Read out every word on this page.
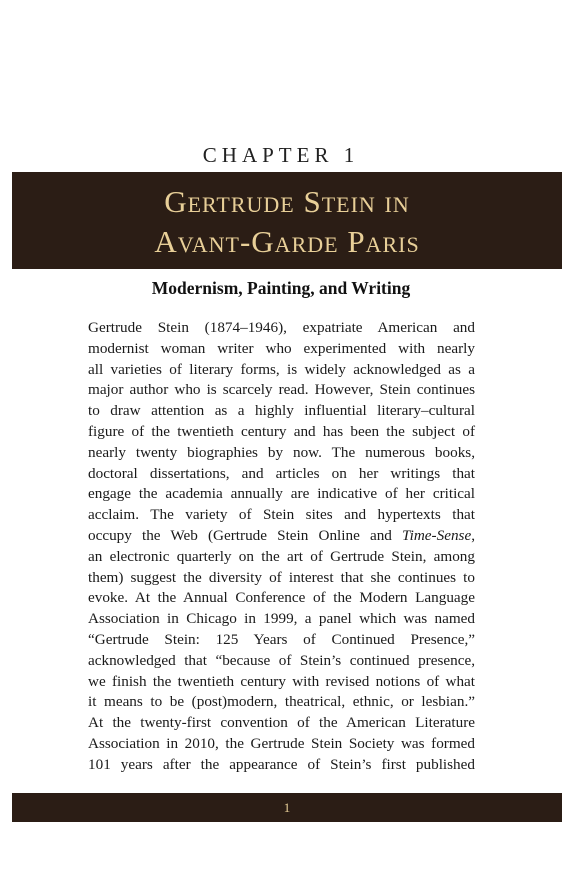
CHAPTER 1
Gertrude Stein in
Avant-Garde Paris
Modernism, Painting, and Writing
Gertrude Stein (1874–1946), expatriate American and
modernist woman writer who experimented with nearly
all varieties of literary forms, is widely acknowledged as a
major author who is scarcely read. However, Stein continues
to draw attention as a highly influential literary–cultural
figure of the twentieth century and has been the subject of
nearly twenty biographies by now. The numerous books,
doctoral dissertations, and articles on her writings that
engage the academia annually are indicative of her critical
acclaim. The variety of Stein sites and hypertexts that
occupy the Web (Gertrude Stein Online and Time-Sense,
an electronic quarterly on the art of Gertrude Stein, among
them) suggest the diversity of interest that she continues to
evoke. At the Annual Conference of the Modern Language
Association in Chicago in 1999, a panel which was named
“Gertrude Stein: 125 Years of Continued Presence,”
acknowledged that “because of Stein’s continued presence,
we finish the twentieth century with revised notions of what
it means to be (post)modern, theatrical, ethnic, or lesbian.”
At the twenty-first convention of the American Literature
Association in 2010, the Gertrude Stein Society was formed
101 years after the appearance of Stein’s first published
1
